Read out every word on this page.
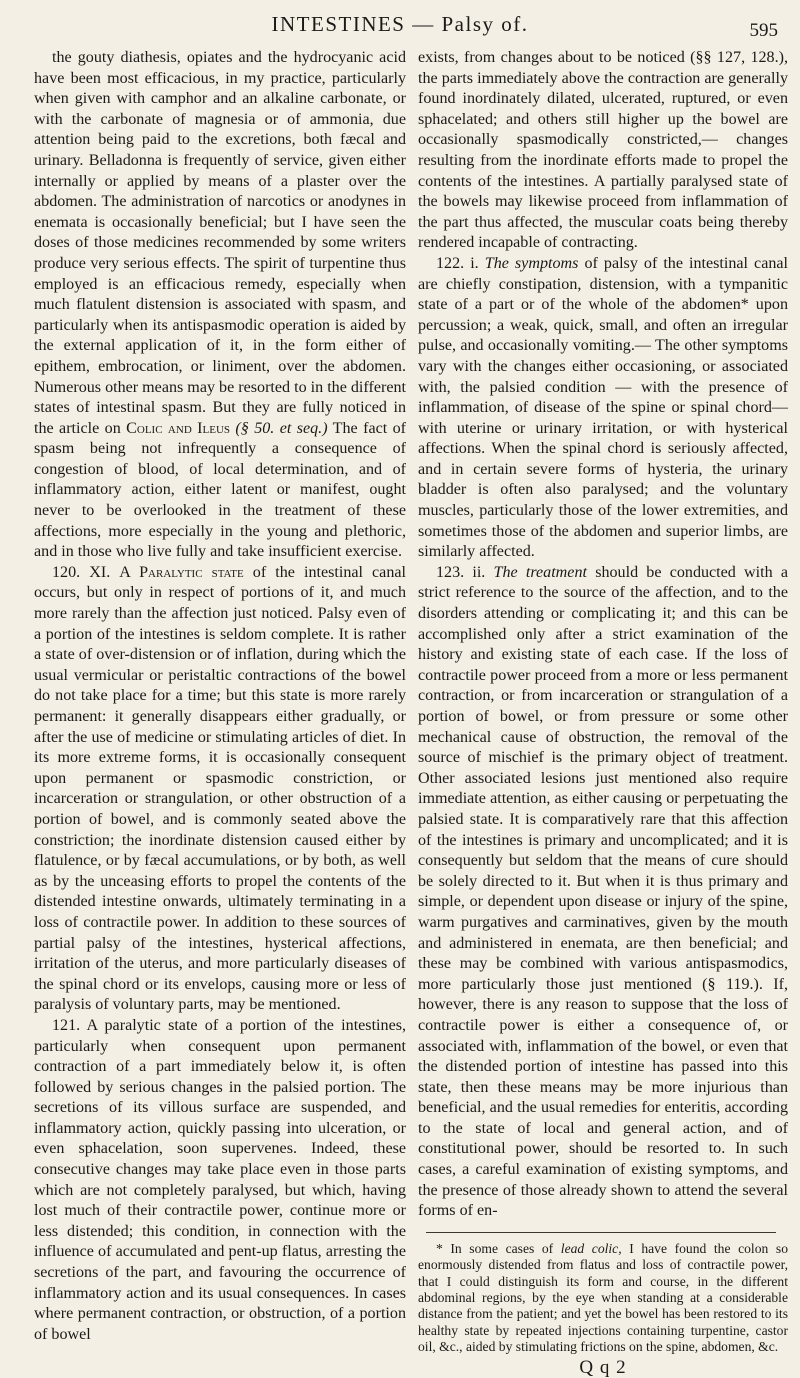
INTESTINES — Palsy of.	595

the gouty diathesis, opiates and the hydrocyanic acid have been most efficacious, in my practice, particularly when given with camphor and an alkaline carbonate, or with the carbonate of magnesia or of ammonia, due attention being paid to the excretions, both fæcal and urinary. Belladonna is frequently of service, given either internally or applied by means of a plaster over the abdomen. The administration of narcotics or anodynes in enemata is occasionally beneficial; but I have seen the doses of those medicines recommended by some writers produce very serious effects. The spirit of turpentine thus employed is an efficacious remedy, especially when much flatulent distension is associated with spasm, and particularly when its antispasmodic operation is aided by the external application of it, in the form either of epithem, embrocation, or liniment, over the abdomen. Numerous other means may be resorted to in the different states of intestinal spasm. But they are fully noticed in the article on Colic and Ileus (§ 50. et seq.) The fact of spasm being not infrequently a consequence of congestion of blood, of local determination, and of inflammatory action, either latent or manifest, ought never to be overlooked in the treatment of these affections, more especially in the young and plethoric, and in those who live fully and take insufficient exercise.

120. XI. A Paralytic state of the intestinal canal occurs, but only in respect of portions of it, and much more rarely than the affection just noticed. Palsy even of a portion of the intestines is seldom complete. It is rather a state of over-distension or of inflation, during which the usual vermicular or peristaltic contractions of the bowel do not take place for a time; but this state is more rarely permanent: it generally disappears either gradually, or after the use of medicine or stimulating articles of diet. In its more extreme forms, it is occasionally consequent upon permanent or spasmodic constriction, or incarceration or strangulation, or other obstruction of a portion of bowel, and is commonly seated above the constriction; the inordinate distension caused either by flatulence, or by fæcal accumulations, or by both, as well as by the unceasing efforts to propel the contents of the distended intestine onwards, ultimately terminating in a loss of contractile power. In addition to these sources of partial palsy of the intestines, hysterical affections, irritation of the uterus, and more particularly diseases of the spinal chord or its envelops, causing more or less of paralysis of voluntary parts, may be mentioned.

121. A paralytic state of a portion of the intestines, particularly when consequent upon permanent contraction of a part immediately below it, is often followed by serious changes in the palsied portion. The secretions of its villous surface are suspended, and inflammatory action, quickly passing into ulceration, or even sphacelation, soon supervenes. Indeed, these consecutive changes may take place even in those parts which are not completely paralysed, but which, having lost much of their contractile power, continue more or less distended; this condition, in connection with the influence of accumulated and pent-up flatus, arresting the secretions of the part, and favouring the occurrence of inflammatory action and its usual consequences. In cases where permanent contraction, or obstruction, of a portion of bowel

exists, from changes about to be noticed (§§ 127, 128.), the parts immediately above the contraction are generally found inordinately dilated, ulcerated, ruptured, or even sphacelated; and others still higher up the bowel are occasionally spasmodically constricted,— changes resulting from the inordinate efforts made to propel the contents of the intestines. A partially paralysed state of the bowels may likewise proceed from inflammation of the part thus affected, the muscular coats being thereby rendered incapable of contracting.

122. i. The symptoms of palsy of the intestinal canal are chiefly constipation, distension, with a tympanitic state of a part or of the whole of the abdomen* upon percussion; a weak, quick, small, and often an irregular pulse, and occasionally vomiting.— The other symptoms vary with the changes either occasioning, or associated with, the palsied condition — with the presence of inflammation, of disease of the spine or spinal chord— with uterine or urinary irritation, or with hysterical affections. When the spinal chord is seriously affected, and in certain severe forms of hysteria, the urinary bladder is often also paralysed; and the voluntary muscles, particularly those of the lower extremities, and sometimes those of the abdomen and superior limbs, are similarly affected.

123. ii. The treatment should be conducted with a strict reference to the source of the affection, and to the disorders attending or complicating it; and this can be accomplished only after a strict examination of the history and existing state of each case. If the loss of contractile power proceed from a more or less permanent contraction, or from incarceration or strangulation of a portion of bowel, or from pressure or some other mechanical cause of obstruction, the removal of the source of mischief is the primary object of treatment. Other associated lesions just mentioned also require immediate attention, as either causing or perpetuating the palsied state. It is comparatively rare that this affection of the intestines is primary and uncomplicated; and it is consequently but seldom that the means of cure should be solely directed to it. But when it is thus primary and simple, or dependent upon disease or injury of the spine, warm purgatives and carminatives, given by the mouth and administered in enemata, are then beneficial; and these may be combined with various antispasmodics, more particularly those just mentioned (§ 119.). If, however, there is any reason to suppose that the loss of contractile power is either a consequence of, or associated with, inflammation of the bowel, or even that the distended portion of intestine has passed into this state, then these means may be more injurious than beneficial, and the usual remedies for enteritis, according to the state of local and general action, and of constitutional power, should be resorted to. In such cases, a careful examination of existing symptoms, and the presence of those already shown to attend the several forms of en-

* In some cases of lead colic, I have found the colon so enormously distended from flatus and loss of contractile power, that I could distinguish its form and course, in the different abdominal regions, by the eye when standing at a considerable distance from the patient; and yet the bowel has been restored to its healthy state by repeated injections containing turpentine, castor oil, &c., aided by stimulating frictions on the spine, abdomen, &c.

Q q 2
